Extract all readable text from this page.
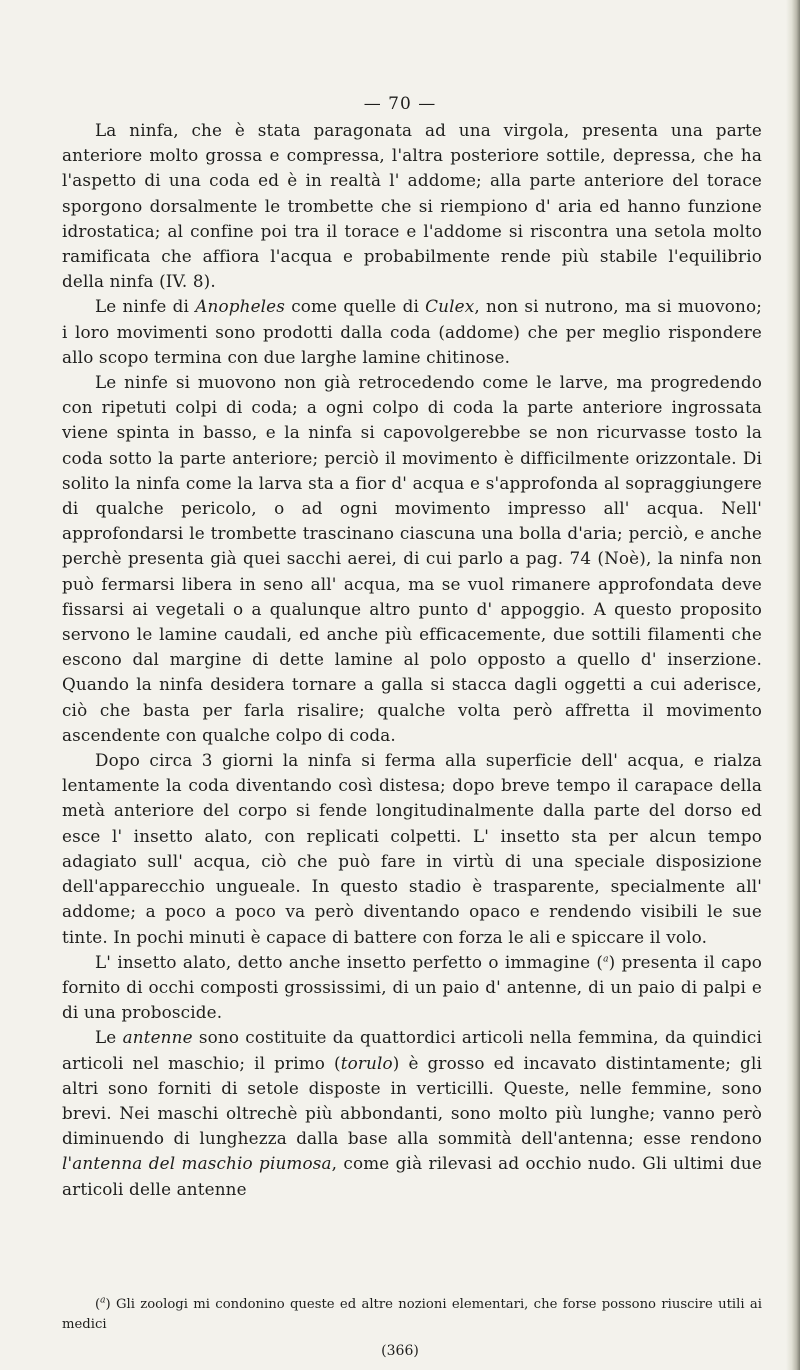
— 70 —

La ninfa, che è stata paragonata ad una virgola, presenta una parte anteriore molto grossa e compressa, l'altra posteriore sottile, depressa, che ha l'aspetto di una coda ed è in realtà l' addome; alla parte anteriore del torace sporgono dorsalmente le trombette che si riempiono d' aria ed hanno funzione idrostatica; al confine poi tra il torace e l'addome si riscontra una setola molto ramificata che affiora l'acqua e probabilmente rende più stabile l'equilibrio della ninfa (IV. 8).

Le ninfe di Anopheles come quelle di Culex, non si nutrono, ma si muovono; i loro movimenti sono prodotti dalla coda (addome) che per meglio rispondere allo scopo termina con due larghe lamine chitinose.

Le ninfe si muovono non già retrocedendo come le larve, ma progredendo con ripetuti colpi di coda; a ogni colpo di coda la parte anteriore ingrossata viene spinta in basso, e la ninfa si capovolgerebbe se non ricurvasse tosto la coda sotto la parte anteriore; perciò il movimento è difficilmente orizzontale. Di solito la ninfa come la larva sta a fior d' acqua e s'approfonda al sopraggiungere di qualche pericolo, o ad ogni movimento impresso all' acqua. Nell' approfondarsi le trombette trascinano ciascuna una bolla d'aria; perciò, e anche perchè presenta già quei sacchi aerei, di cui parlo a pag. 74 (Noè), la ninfa non può fermarsi libera in seno all' acqua, ma se vuol rimanere approfondata deve fissarsi ai vegetali o a qualunque altro punto d' appoggio. A questo proposito servono le lamine caudali, ed anche più efficacemente, due sottili filamenti che escono dal margine di dette lamine al polo opposto a quello d' inserzione. Quando la ninfa desidera tornare a galla si stacca dagli oggetti a cui aderisce, ciò che basta per farla risalire; qualche volta però affretta il movimento ascendente con qualche colpo di coda.

Dopo circa 3 giorni la ninfa si ferma alla superficie dell' acqua, e rialza lentamente la coda diventando così distesa; dopo breve tempo il carapace della metà anteriore del corpo si fende longitudinalmente dalla parte del dorso ed esce l' insetto alato, con replicati colpetti. L' insetto sta per alcun tempo adagiato sull' acqua, ciò che può fare in virtù di una speciale disposizione dell'apparecchio ungueale. In questo stadio è trasparente, specialmente all' addome; a poco a poco va però diventando opaco e rendendo visibili le sue tinte. In pochi minuti è capace di battere con forza le ali e spiccare il volo.

L' insetto alato, detto anche insetto perfetto o immagine ($^a$) presenta il capo fornito di occhi composti grossissimi, di un paio d' antenne, di un paio di palpi e di una proboscide.

Le antenne sono costituite da quattordici articoli nella femmina, da quindici articoli nel maschio; il primo (torulo) è grosso ed incavato distintamente; gli altri sono forniti di setole disposte in verticilli. Queste, nelle femmine, sono brevi. Nei maschi oltrechè più abbondanti, sono molto più lunghe; vanno però diminuendo di lunghezza dalla base alla sommità dell'antenna; esse rendono l'antenna del maschio piumosa, come già rilevasi ad occhio nudo. Gli ultimi due articoli delle antenne

($^a$) Gli zoologi mi condonino queste ed altre nozioni elementari, che forse possono riuscire utili ai medici
(366)
